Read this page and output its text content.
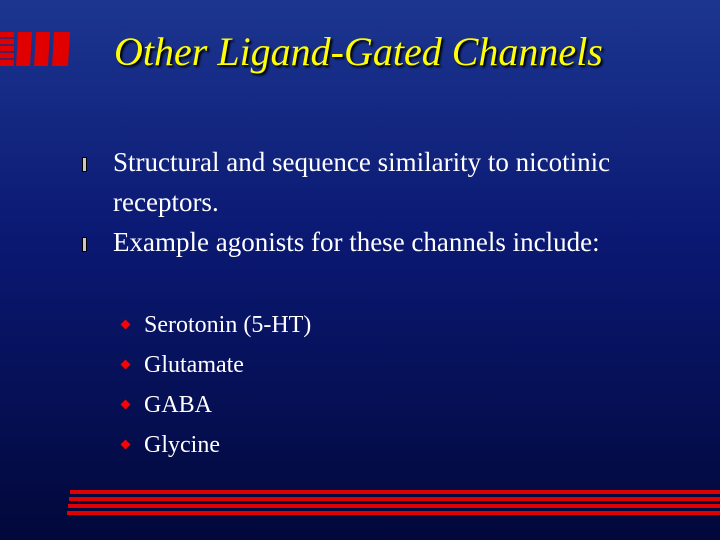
Other Ligand-Gated Channels
Structural and sequence similarity to nicotinic receptors.
Example agonists for these channels include:
Serotonin (5-HT)
Glutamate
GABA
Glycine
